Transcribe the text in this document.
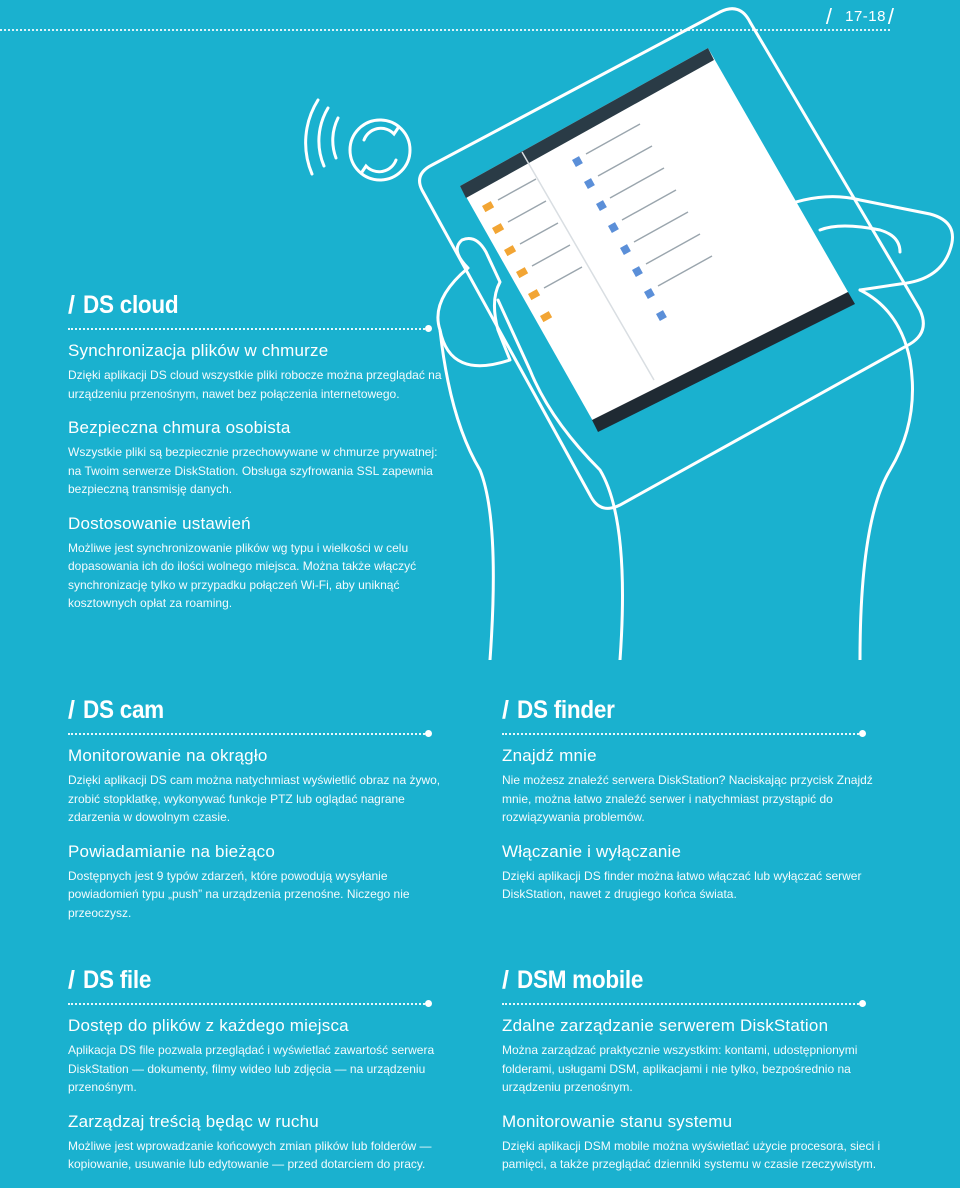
/ 17-18 /
/ DS cloud

Synchronizacja plików w chmurze

Dzięki aplikacji DS cloud wszystkie pliki robocze można przeglądać na urządzeniu przenośnym, nawet bez połączenia internetowego.

Bezpieczna chmura osobista

Wszystkie pliki są bezpiecznie przechowywane w chmurze prywatnej: na Twoim serwerze DiskStation. Obsługa szyfrowania SSL zapewnia bezpieczną transmisję danych.

Dostosowanie ustawień

Możliwe jest synchronizowanie plików wg typu i wielkości w celu dopasowania ich do ilości wolnego miejsca. Można także włączyć synchronizację tylko w przypadku połączeń Wi-Fi, aby uniknąć kosztownych opłat za roaming.

/ DS cam

Monitorowanie na okrągło

Dzięki aplikacji DS cam można natychmiast wyświetlić obraz na żywo, zrobić stopklatkę, wykonywać funkcje PTZ lub oglądać nagrane zdarzenia w dowolnym czasie.

Powiadamianie na bieżąco

Dostępnych jest 9 typów zdarzeń, które powodują wysyłanie powiadomień typu „push” na urządzenia przenośne. Niczego nie przeoczysz.

/ DS finder

Znajdź mnie

Nie możesz znaleźć serwera DiskStation? Naciskając przycisk Znajdź mnie, można łatwo znaleźć serwer i natychmiast przystąpić do rozwiązywania problemów.

Włączanie i wyłączanie

Dzięki aplikacji DS finder można łatwo włączać lub wyłączać serwer DiskStation, nawet z drugiego końca świata.

/ DS file

Dostęp do plików z każdego miejsca

Aplikacja DS file pozwala przeglądać i wyświetlać zawartość serwera DiskStation — dokumenty, filmy wideo lub zdjęcia — na urządzeniu przenośnym.

Zarządzaj treścią będąc w ruchu

Możliwe jest wprowadzanie końcowych zmian plików lub folderów — kopiowanie, usuwanie lub edytowanie — przed dotarciem do pracy.

/ DSM mobile

Zdalne zarządzanie serwerem DiskStation

Można zarządzać praktycznie wszystkim: kontami, udostępnionymi folderami, usługami DSM, aplikacjami i nie tylko, bezpośrednio na urządzeniu przenośnym.

Monitorowanie stanu systemu

Dzięki aplikacji DSM mobile można wyświetlać użycie procesora, sieci i pamięci, a także przeglądać dzienniki systemu w czasie rzeczywistym.
